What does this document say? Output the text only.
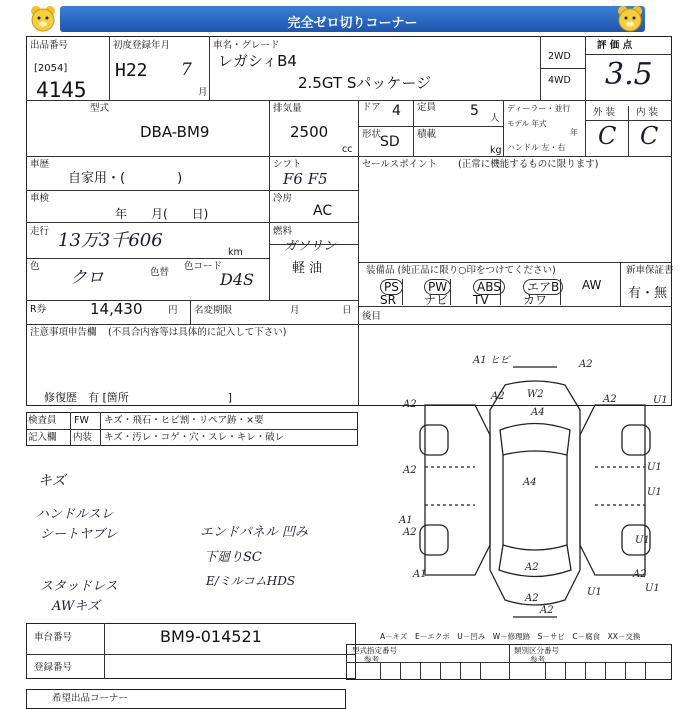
完全ゼロ切りコーナー
出品番号
[2054]
4145
初度登録年月
H22 7
月
車名・グレード
レガシィB4
2.5GT Sパッケージ
2WD
4WD
評 価 点
3.5
型式
DBA-BM9
排気量
2500
cc
ドア 4 定員 5 人
形状
SD 積載
kg
ディーラー・並行
モデル 年式
年
ハンドル 左・右
外 装 内 装
C C
車歴
自家用・(　　　　)
シフト
F6 F5
セールスポイント (正常に機能するものに限ります)
車検
年　　月(　　日)
冷房
AC
走行 13万3千606
km
燃料
ガソリン
軽 油
色
クロ	色替
色コード
D4S	装備品 (純正品に限り○印をつけてください)	新車保証書
有・無
PS	PW	ABS	エアB	AW
SR ナビ TV	カワ
R券	14,430	円 名変期限	月	日
後目
注意事項申告欄 (不具合内容等は具体的に記入して下さい)
修復歴　有 [箇所　　　　　　　　　]
検査員 FW キズ・飛石・ヒビ割・リペア跡・×要
記入欄 内装 キズ・汚レ・コゲ・穴・スレ・キレ・破レ
キズ
ハンドルスレ
シートヤブレ
スタッドレス
AWキズ
エンドパネル 凹み
下廻りSC
E/ミルコムHDS
A1 ヒビ	A2
A2
A2 W2
A4
A2	U1
A2	U1
A1
U1
A4
A2
U1
A2
A1	A2
U1
A2
U1
A2
A－キズ　E－エクボ　U－凹み　W－修理跡　S－サビ　C－腐食　XX－交換
車台番号	BM9-014521
登録番号
型式指定番号
参考
類別区分番号
参考
希望出品コーナー
